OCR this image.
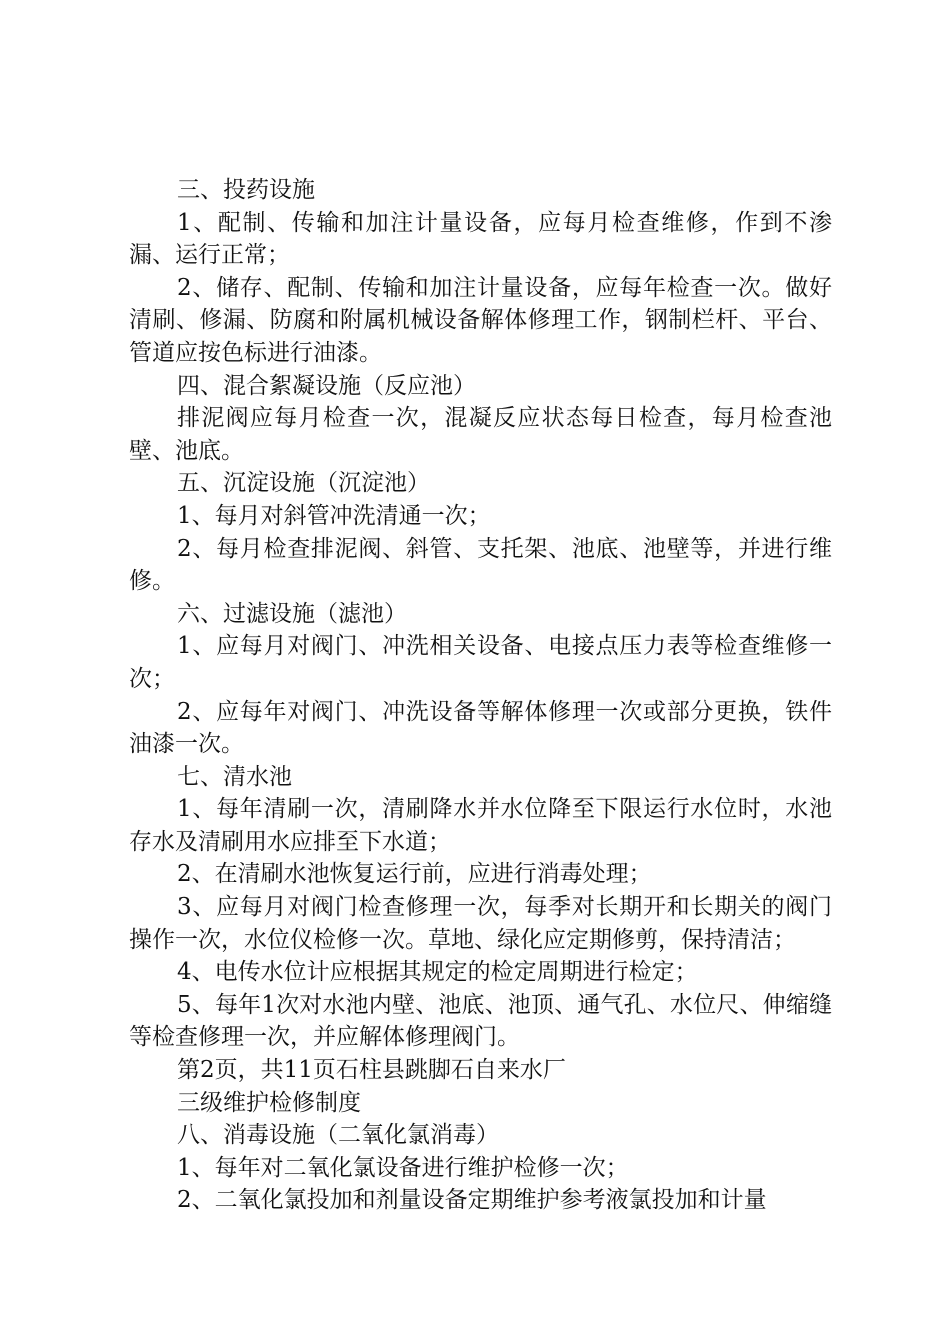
三、投药设施

1、配制、传输和加注计量设备，应每月检查维修，作到不渗漏、运行正常；

2、储存、配制、传输和加注计量设备，应每年检查一次。做好清刷、修漏、防腐和附属机械设备解体修理工作，钢制栏杆、平台、管道应按色标进行油漆。

四、混合絮凝设施（反应池）

排泥阀应每月检查一次，混凝反应状态每日检查，每月检查池壁、池底。

五、沉淀设施（沉淀池）

1、每月对斜管冲洗清通一次；

2、每月检查排泥阀、斜管、支托架、池底、池壁等，并进行维修。

六、过滤设施（滤池）

1、应每月对阀门、冲洗相关设备、电接点压力表等检查维修一次；

2、应每年对阀门、冲洗设备等解体修理一次或部分更换，铁件油漆一次。

七、清水池

1、每年清刷一次，清刷降水并水位降至下限运行水位时，水池存水及清刷用水应排至下水道；

2、在清刷水池恢复运行前，应进行消毒处理；

3、应每月对阀门检查修理一次，每季对长期开和长期关的阀门操作一次，水位仪检修一次。草地、绿化应定期修剪，保持清洁；

4、电传水位计应根据其规定的检定周期进行检定；

5、每年1次对水池内壁、池底、池顶、通气孔、水位尺、伸缩缝等检查修理一次，并应解体修理阀门。

第2页，共11页石柱县跳脚石自来水厂

三级维护检修制度

八、消毒设施（二氧化氯消毒）

1、每年对二氧化氯设备进行维护检修一次；

2、二氧化氯投加和剂量设备定期维护参考液氯投加和计量
